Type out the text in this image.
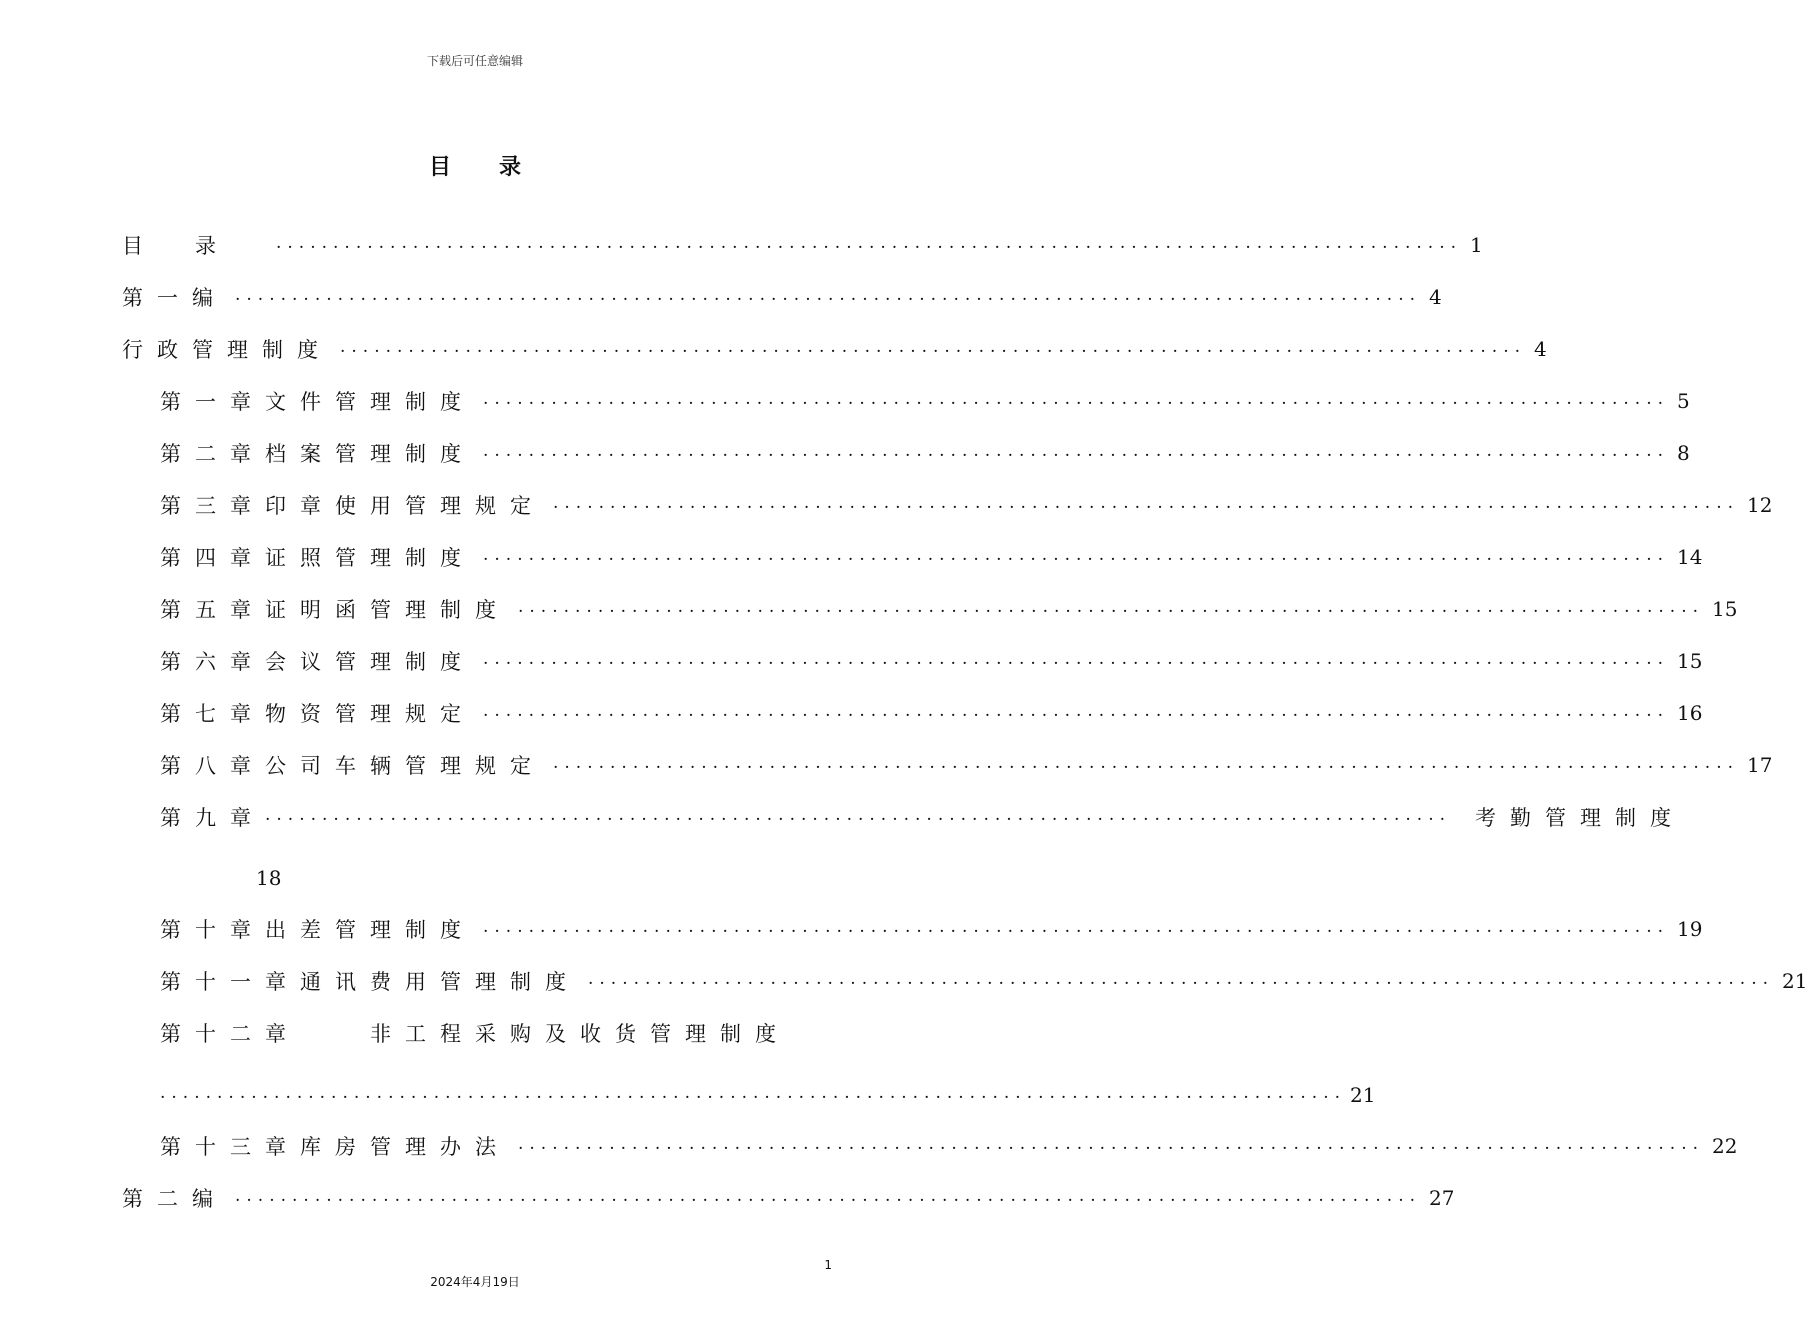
下载后可任意编辑
目录
目录 ........................................................................................................ 1
第一编 ........................................................................................................ 4
行政管理制度 ........................................................................................................ 4
第一章 文件管理制度 ........................................................................................................ 5
第二章 档案管理制度 ........................................................................................................ 8
第三章 印章使用管理规定 ........................................................................................................ 12
第四章 证照管理制度 ........................................................................................................ 14
第五章 证明函管理制度 ........................................................................................................ 15
第六章 会议管理制度 ........................................................................................................ 15
第七章 物资管理规定 ........................................................................................................ 16
第八章 公司车辆管理规定 ........................................................................................................ 17
第九章 ........................................................................................................ 考勤管理制度
18
第十章 出差管理制度 ........................................................................................................ 19
第十一章 通讯费用管理制度 ........................................................................................................ 21
第十二章	非工程采购及收货管理制度
........................................................................................................ 21
第十三章 库房管理办法 ........................................................................................................ 22
第二编 ........................................................................................................ 27
1
2024年4月19日
